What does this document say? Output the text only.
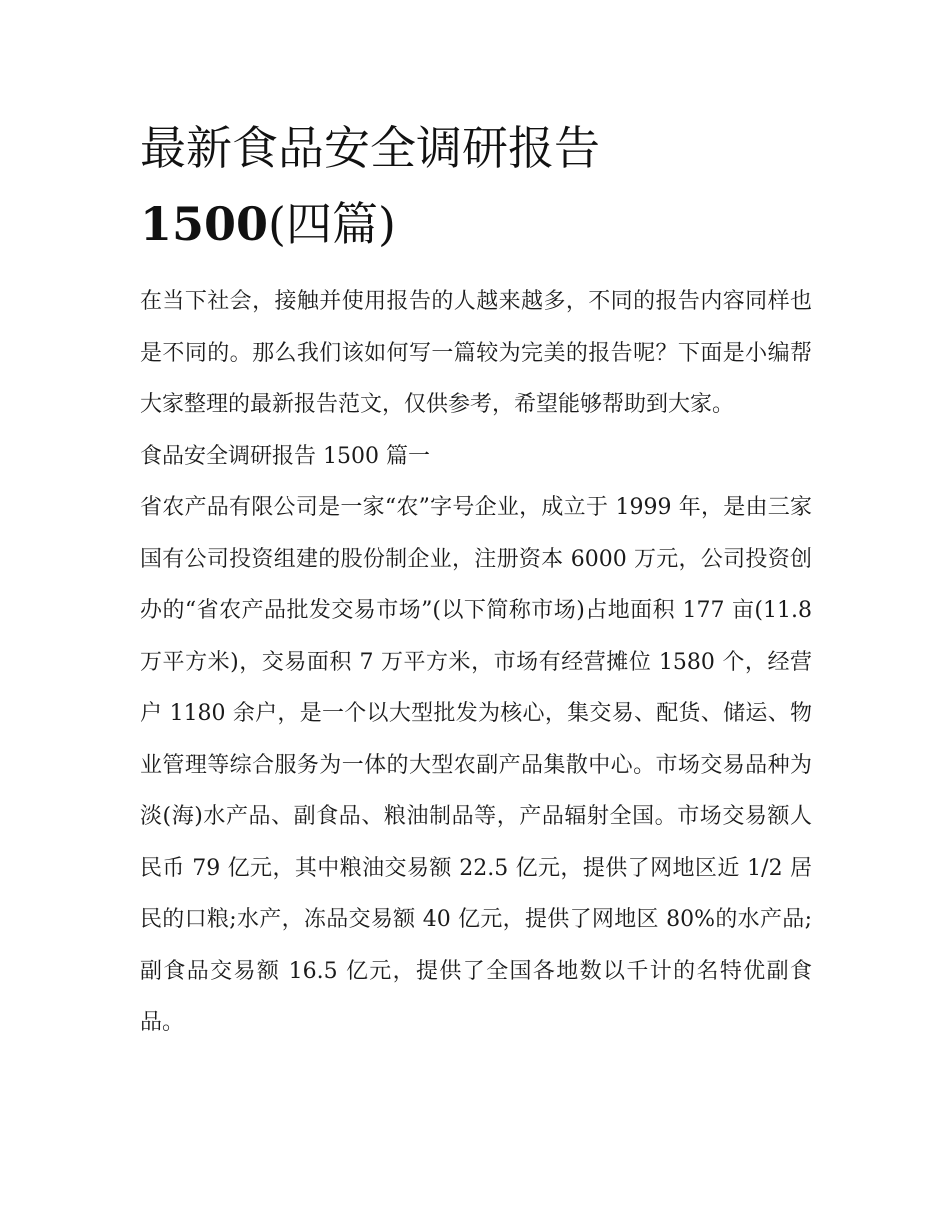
最新食品安全调研报告
1500(四篇)

在当下社会，接触并使用报告的人越来越多，不同的报告内容同样也是不同的。那么我们该如何写一篇较为完美的报告呢？下面是小编帮大家整理的最新报告范文，仅供参考，希望能够帮助到大家。

食品安全调研报告 1500 篇一

省农产品有限公司是一家“农”字号企业，成立于 1999 年，是由三家国有公司投资组建的股份制企业，注册资本 6000 万元，公司投资创办的“省农产品批发交易市场”(以下简称市场)占地面积 177 亩(11.8 万平方米)，交易面积 7 万平方米，市场有经营摊位 1580 个，经营户 1180 余户，是一个以大型批发为核心，集交易、配货、储运、物业管理等综合服务为一体的大型农副产品集散中心。市场交易品种为淡(海)水产品、副食品、粮油制品等，产品辐射全国。市场交易额人民币 79 亿元，其中粮油交易额 22.5 亿元，提供了网地区近 1/2 居民的口粮;水产，冻品交易额 40 亿元，提供了网地区 80%的水产品;副食品交易额 16.5 亿元，提供了全国各地数以千计的名特优副食品。
